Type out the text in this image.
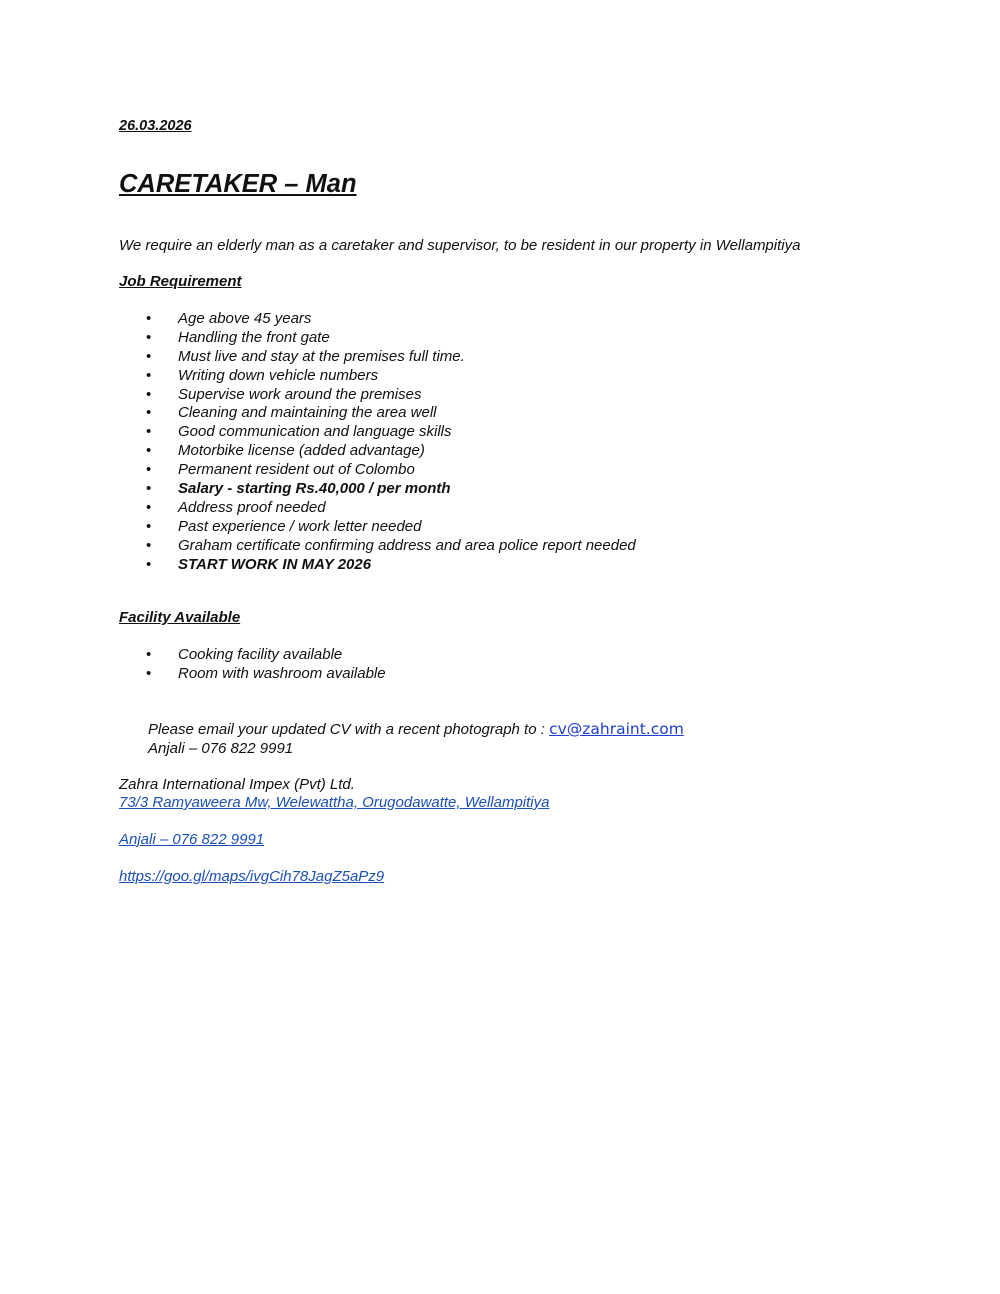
26.03.2026
CARETAKER – Man
We require an elderly man as a caretaker and supervisor, to be resident in our property in Wellampitiya
Job Requirement
• Age above 45 years
• Handling the front gate
• Must live and stay at the premises full time.
• Writing down vehicle numbers
• Supervise work around the premises
• Cleaning and maintaining the area well
• Good communication and language skills
• Motorbike license (added advantage)
• Permanent resident out of Colombo
• Salary - starting Rs.40,000 / per month
• Address proof needed
• Past experience / work letter needed
• Graham certificate confirming address and area police report needed
• START WORK IN MAY 2026
Facility Available
• Cooking facility available
• Room with washroom available
Please email your updated CV with a recent photograph to : cv@zahraint.com
Anjali – 076 822 9991
Zahra International Impex (Pvt) Ltd.
73/3 Ramyaweera Mw, Welewattha, Orugodawatte, Wellampitiya
Anjali – 076 822 9991
https://goo.gl/maps/ivgCih78JagZ5aPz9
